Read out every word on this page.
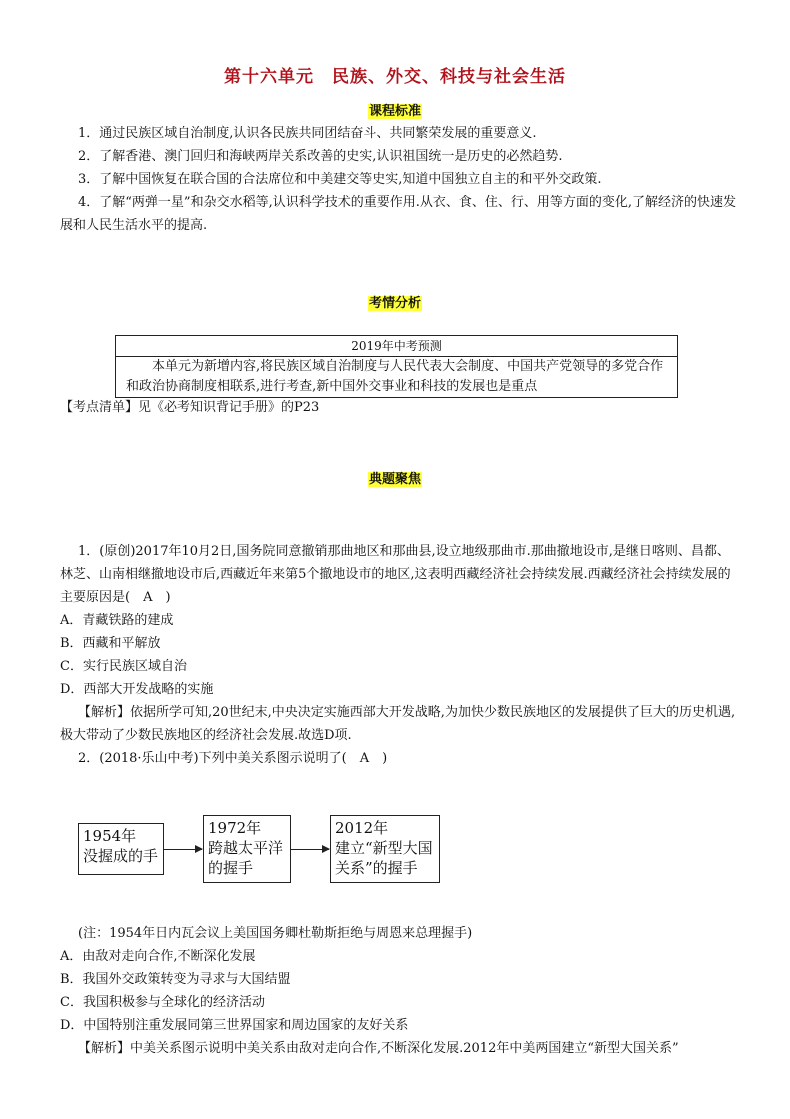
第十六单元　民族、外交、科技与社会生活
课程标准
1．通过民族区域自治制度,认识各民族共同团结奋斗、共同繁荣发展的重要意义.
2．了解香港、澳门回归和海峡两岸关系改善的史实,认识祖国统一是历史的必然趋势.
3．了解中国恢复在联合国的合法席位和中美建交等史实,知道中国独立自主的和平外交政策.
4．了解“两弹一星”和杂交水稻等,认识科学技术的重要作用.从衣、食、住、行、用等方面的变化,了解经济的快速发展和人民生活水平的提高.
考情分析
2019年中考预测
本单元为新增内容,将民族区域自治制度与人民代表大会制度、中国共产党领导的多党合作和政治协商制度相联系,进行考查,新中国外交事业和科技的发展也是重点
【考点清单】见《必考知识背记手册》的P23
典题聚焦
1．(原创)2017年10月2日,国务院同意撤销那曲地区和那曲县,设立地级那曲市.那曲撤地设市,是继日喀则、昌都、林芝、山南相继撤地设市后,西藏近年来第5个撤地设市的地区,这表明西藏经济社会持续发展.西藏经济社会持续发展的主要原因是(　A　)
A．青藏铁路的建成
B．西藏和平解放
C．实行民族区域自治
D．西部大开发战略的实施
【解析】依据所学可知,20世纪末,中央决定实施西部大开发战略,为加快少数民族地区的发展提供了巨大的历史机遇,极大带动了少数民族地区的经济社会发展.故选D项.
2．(2018·乐山中考)下列中美关系图示说明了(　A　)
1954年
没握成的手
1972年
跨越太平洋的握手
2012年
建立“新型大国关系”的握手
(注：1954年日内瓦会议上美国国务卿杜勒斯拒绝与周恩来总理握手)
A．由敌对走向合作,不断深化发展
B．我国外交政策转变为寻求与大国结盟
C．我国积极参与全球化的经济活动
D．中国特别注重发展同第三世界国家和周边国家的友好关系
【解析】中美关系图示说明中美关系由敌对走向合作,不断深化发展.2012年中美两国建立“新型大国关系”
